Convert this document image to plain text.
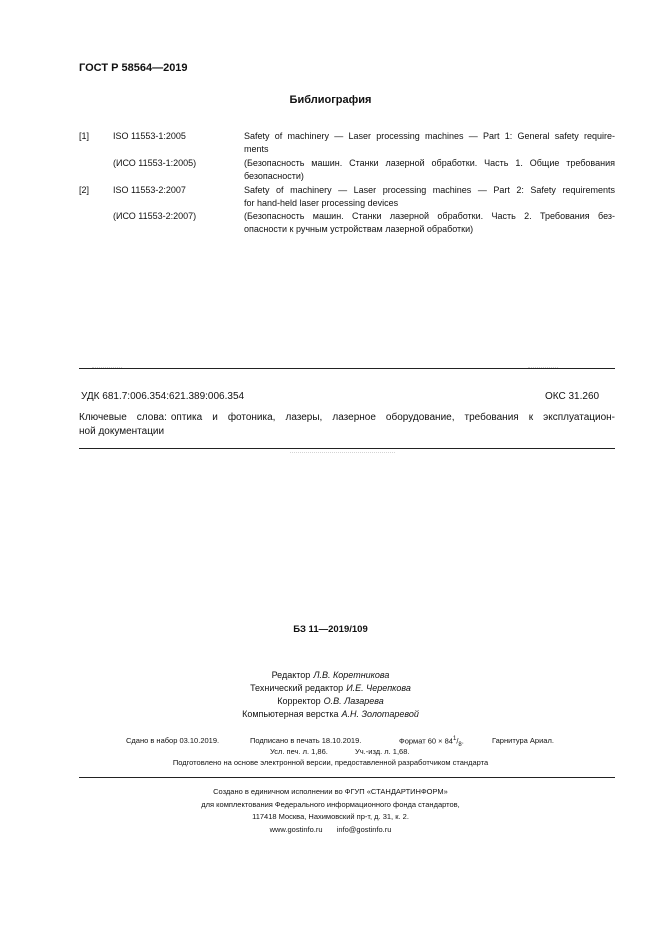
ГОСТ Р 58564—2019
Библиография
[1]	ISO 11553-1:2005	Safety of machinery — Laser processing machines — Part 1: General safety require-
ments
(ИСО 11553-1:2005)	(Безопасность машин. Станки лазерной обработки. Часть 1. Общие требования
безопасности)
[2]	ISO 11553-2:2007	Safety of machinery — Laser processing machines — Part 2: Safety requirements
for hand-held laser processing devices
(ИСО 11553-2:2007)	(Безопасность машин. Станки лазерной обработки. Часть 2. Требования без-
опасности к ручным устройствам лазерной обработки)
УДК 681.7:006.354:621.389:006.354	ОКС 31.260
Ключевые слова: оптика и фотоника, лазеры, лазерное оборудование, требования к эксплуатацион-
ной документации
БЗ 11—2019/109
Редактор Л.В. Коретникова
Технический редактор И.Е. Черепкова
Корректор О.В. Лазарева
Компьютерная верстка А.Н. Золотаревой
Сдано в набор 03.10.2019.	Подписано в печать 18.10.2019.	Формат $60 \times 84^1/_8$.	Гарнитура Ариал.
Усл. печ. л. 1,86.	Уч.-изд. л. 1,68.
Подготовлено на основе электронной версии, предоставленной разработчиком стандарта
Создано в единичном исполнении во ФГУП «СТАНДАРТИНФОРМ»
для комплектования Федерального информационного фонда стандартов,
117418 Москва, Нахимовский пр-т, д. 31, к. 2.
www.gostinfo.ru info@gostinfo.ru
